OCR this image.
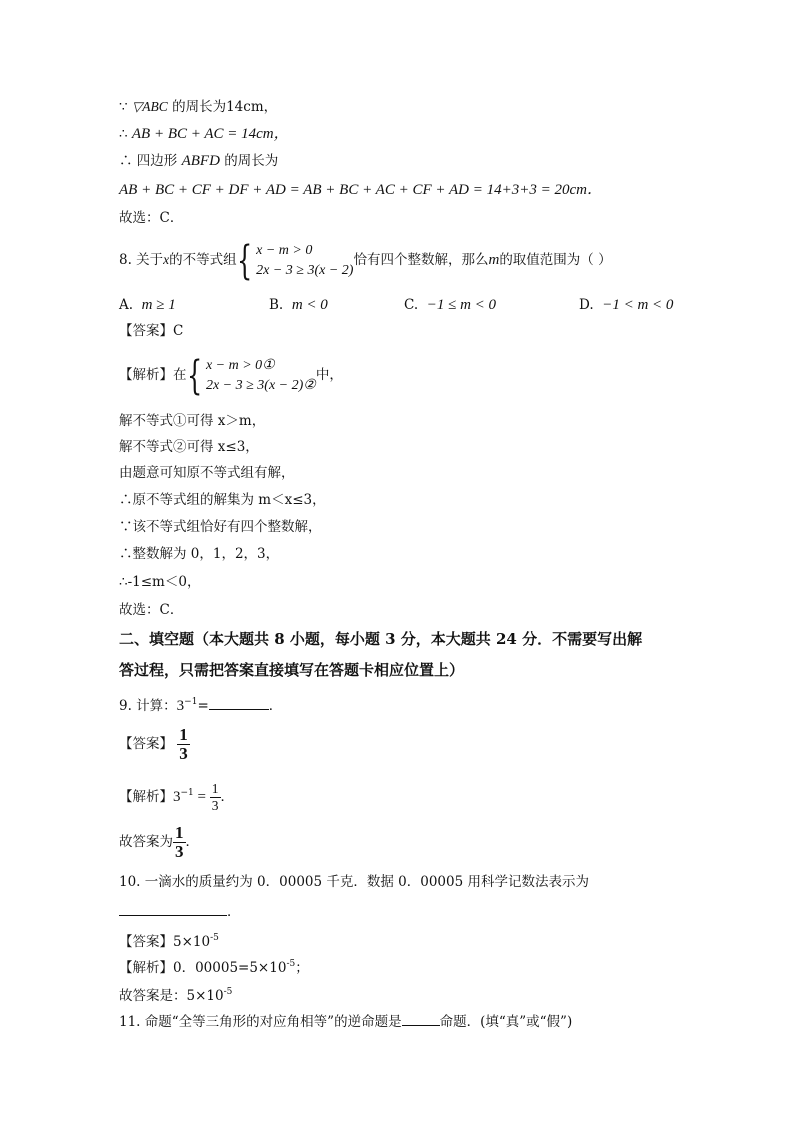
∵ ▽ABC 的周长为14cm，
∴ AB + BC + AC = 14cm，
∴ 四边形 ABFD 的周长为
AB + BC + CF + DF + AD = AB + BC + AC + CF + AD = 14+3+3 = 20cm．
故选：C．
8. 关于x的不等式组{ x − m > 0
2x − 3 ≥ 3(x − 2)
恰有四个整数解，那么m的取值范围为（ ）
A. m ≥ 1	B. m < 0	C. −1 ≤ m < 0	D. −1 < m < 0
【答案】C
【解析】在{ x − m > 0①
2x − 3 ≥ 3(x − 2)②
中，
解不等式①可得 x＞m，
解不等式②可得 x≤3，
由题意可知原不等式组有解，
∴原不等式组的解集为 m＜x≤3，
∵该不等式组恰好有四个整数解，
∴整数解为 0，1，2，3，
∴-1≤m＜0，
故选：C．
二、填空题（本大题共 8 小题，每小题 3 分，本大题共 24 分．不需要写出解
答过程，只需把答案直接填写在答题卡相应位置上）
9. 计算：$3^{-1}=$	．
【答案】 $\frac{1}{3}$
【解析】$3^{-1} = \frac{1}{3}$ ．
故答案为 $\frac{1}{3}$ ．
10. 一滴水的质量约为 0．00005 千克．数据 0．00005 用科学记数法表示为
．
【答案】$5\times 10^{-5}$
【解析】0．$00005=5\times 10^{-5}$；
故答案是：$5\times 10^{-5}$
11. 命题“全等三角形的对应角相等”的逆命题是	命题．(填“真”或“假”)
